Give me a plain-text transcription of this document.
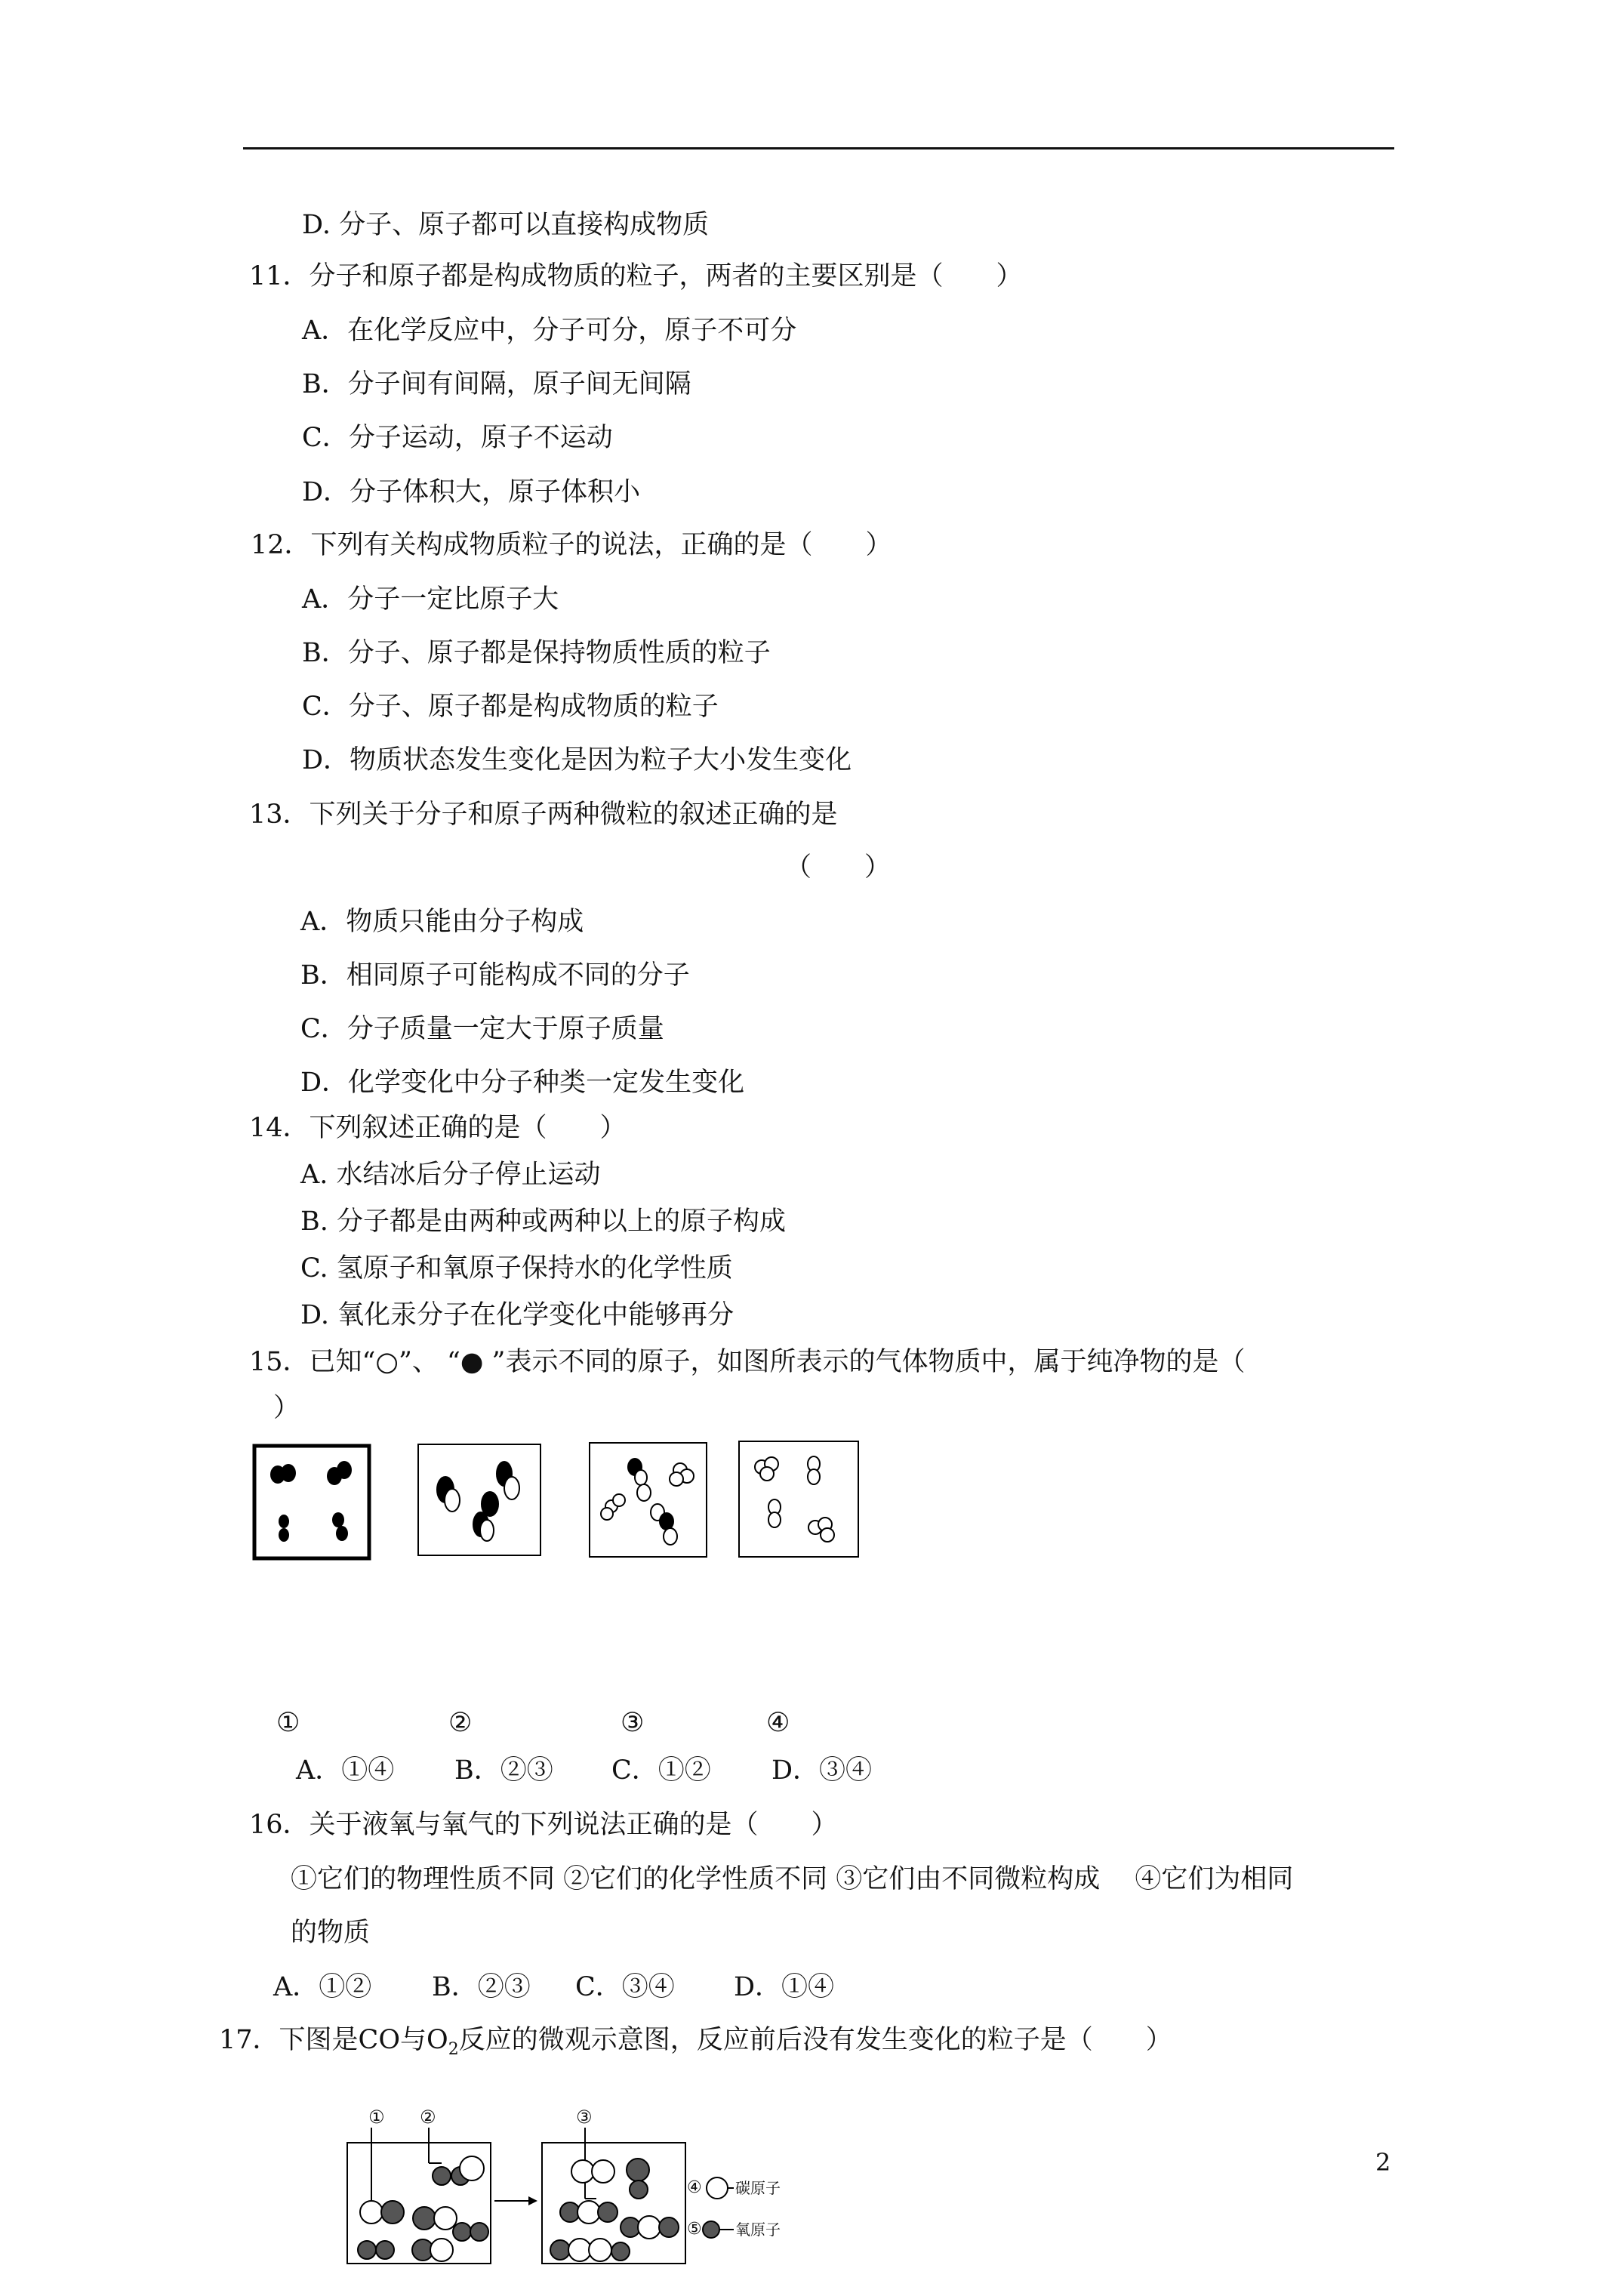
D. 分子、原子都可以直接构成物质
11．分子和原子都是构成物质的粒子，两者的主要区别是（　　）
A．在化学反应中，分子可分，原子不可分
B．分子间有间隔，原子间无间隔
C．分子运动，原子不运动
D．分子体积大，原子体积小
12．下列有关构成物质粒子的说法，正确的是（　　）
A．分子一定比原子大
B．分子、原子都是保持物质性质的粒子
C．分子、原子都是构成物质的粒子
D．物质状态发生变化是因为粒子大小发生变化
13．下列关于分子和原子两种微粒的叙述正确的是
（　　）
A．物质只能由分子构成
B．相同原子可能构成不同的分子
C．分子质量一定大于原子质量
D．化学变化中分子种类一定发生变化
14．下列叙述正确的是（　　）
A. 水结冰后分子停止运动
B. 分子都是由两种或两种以上的原子构成
C. 氢原子和氧原子保持水的化学性质
D. 氧化汞分子在化学变化中能够再分
15．已知“○”、 “● ”表示不同的原子，如图所表示的气体物质中，属于纯净物的是（
）
①	②	③	④
A．①④ B．②③ C．①② D．③④
16．关于液氧与氧气的下列说法正确的是（　　）
①它们的物理性质不同 ②它们的化学性质不同 ③它们由不同微粒构成　 ④它们为相同
的物质
A．①② B．②③ C．③④ D．①④
17．下图是CO与$O_2$反应的微观示意图，反应前后没有发生变化的粒子是（　　）
① ②	③
④ 碳原子
⑤ 氧原子
2
